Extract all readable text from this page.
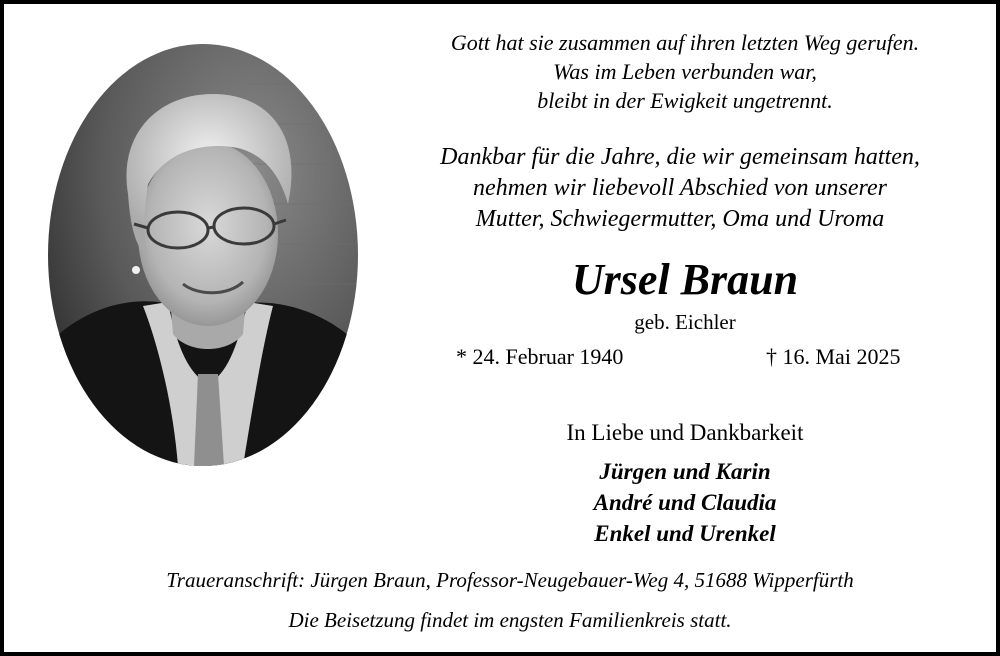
Gott hat sie zusammen auf ihren letzten Weg gerufen.
Was im Leben verbunden war,
bleibt in der Ewigkeit ungetrennt.
Dankbar für die Jahre, die wir gemeinsam hatten,
nehmen wir liebevoll Abschied von unserer
Mutter, Schwiegermutter, Oma und Uroma
Ursel Braun
geb. Eichler
* 24. Februar 1940	† 16. Mai 2025
In Liebe und Dankbarkeit
Jürgen und Karin
André und Claudia
Enkel und Urenkel
Traueranschrift: Jürgen Braun, Professor-Neugebauer-Weg 4, 51688 Wipperfürth
Die Beisetzung findet im engsten Familienkreis statt.
